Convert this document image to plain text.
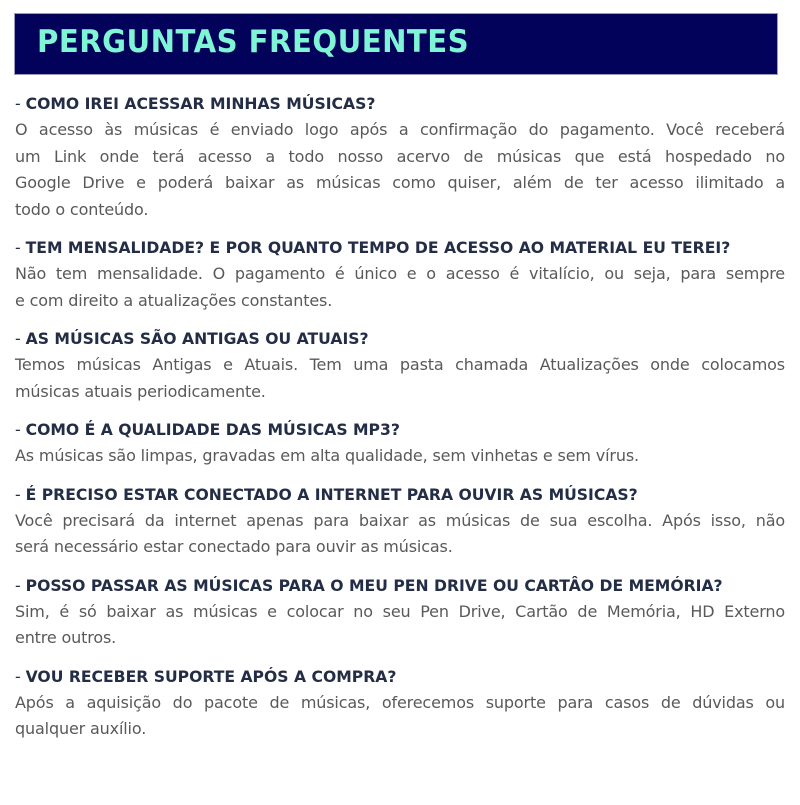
PERGUNTAS FREQUENTES
- COMO IREI ACESSAR MINHAS MÚSICAS?
O acesso às músicas é enviado logo após a confirmação do pagamento. Você receberá
um Link onde terá acesso a todo nosso acervo de músicas que está hospedado no
Google Drive e poderá baixar as músicas como quiser, além de ter acesso ilimitado a
todo o conteúdo.
- TEM MENSALIDADE? E POR QUANTO TEMPO DE ACESSO AO MATERIAL EU TEREI?
Não tem mensalidade. O pagamento é único e o acesso é vitalício, ou seja, para sempre
e com direito a atualizações constantes.
- AS MÚSICAS SÃO ANTIGAS OU ATUAIS?
Temos músicas Antigas e Atuais. Tem uma pasta chamada Atualizações onde colocamos
músicas atuais periodicamente.
- COMO É A QUALIDADE DAS MÚSICAS MP3?
As músicas são limpas, gravadas em alta qualidade, sem vinhetas e sem vírus.
- É PRECISO ESTAR CONECTADO A INTERNET PARA OUVIR AS MÚSICAS?
Você precisará da internet apenas para baixar as músicas de sua escolha. Após isso, não
será necessário estar conectado para ouvir as músicas.
- POSSO PASSAR AS MÚSICAS PARA O MEU PEN DRIVE OU CARTÂO DE MEMÓRIA?
Sim, é só baixar as músicas e colocar no seu Pen Drive, Cartão de Memória, HD Externo
entre outros.
- VOU RECEBER SUPORTE APÓS A COMPRA?
Após a aquisição do pacote de músicas, oferecemos suporte para casos de dúvidas ou
qualquer auxílio.
